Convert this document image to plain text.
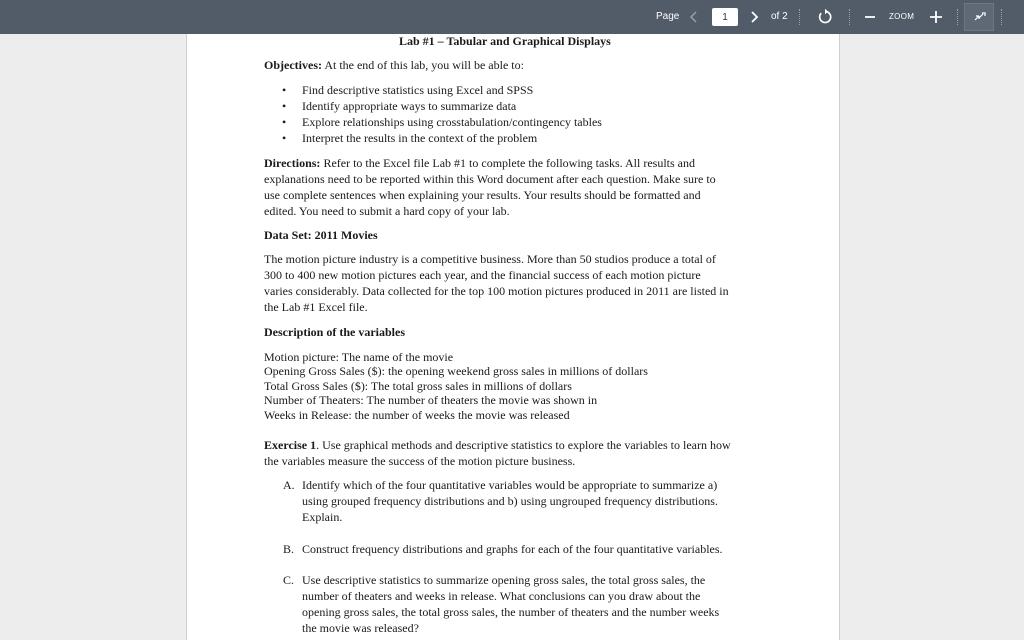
Page
1	of 2	ZOOM
Lab #1 – Tabular and Graphical Displays
Objectives: At the end of this lab, you will be able to:
• Find descriptive statistics using Excel and SPSS
• Identify appropriate ways to summarize data
• Explore relationships using crosstabulation/contingency tables
• Interpret the results in the context of the problem
Directions: Refer to the Excel file Lab #1 to complete the following tasks. All results and
explanations need to be reported within this Word document after each question. Make sure to
use complete sentences when explaining your results. Your results should be formatted and
edited. You need to submit a hard copy of your lab.
Data Set: 2011 Movies
The motion picture industry is a competitive business. More than 50 studios produce a total of
300 to 400 new motion pictures each year, and the financial success of each motion picture
varies considerably. Data collected for the top 100 motion pictures produced in 2011 are listed in
the Lab #1 Excel file.
Description of the variables
Motion picture: The name of the movie
Opening Gross Sales ($): the opening weekend gross sales in millions of dollars
Total Gross Sales ($): The total gross sales in millions of dollars
Number of Theaters: The number of theaters the movie was shown in
Weeks in Release: the number of weeks the movie was released
Exercise 1. Use graphical methods and descriptive statistics to explore the variables to learn how
the variables measure the success of the motion picture business.
A. Identify which of the four quantitative variables would be appropriate to summarize a)
using grouped frequency distributions and b) using ungrouped frequency distributions.
Explain.
B. Construct frequency distributions and graphs for each of the four quantitative variables.
C. Use descriptive statistics to summarize opening gross sales, the total gross sales, the
number of theaters and weeks in release. What conclusions can you draw about the
opening gross sales, the total gross sales, the number of theaters and the number weeks
the movie was released?
